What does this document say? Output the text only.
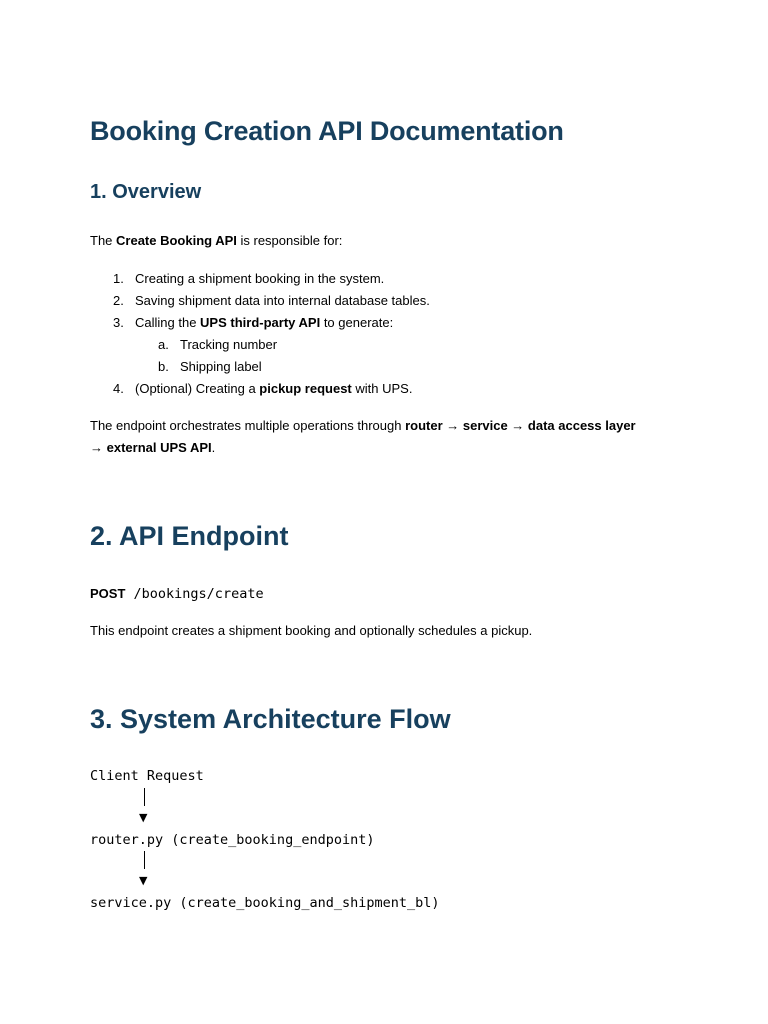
Booking Creation API Documentation
1. Overview

The Create Booking API is responsible for:

1. Creating a shipment booking in the system.
2. Saving shipment data into internal database tables.
3. Calling the UPS third-party API to generate:
a. Tracking number
b. Shipping label
4. (Optional) Creating a pickup request with UPS.

The endpoint orchestrates multiple operations through router → service → data access layer
→ external UPS API.

2. API Endpoint

POST /bookings/create

This endpoint creates a shipment booking and optionally schedules a pickup.

3. System Architecture Flow
Client Request
▼
router.py (create_booking_endpoint)
▼
service.py (create_booking_and_shipment_bl)
